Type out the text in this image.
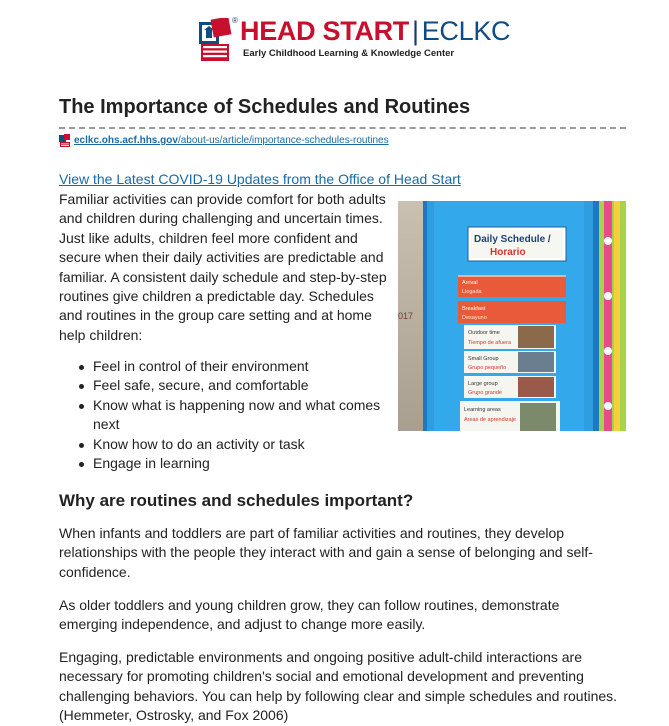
® HEAD START | ECLKC
Early Childhood Learning & Knowledge Center
The Importance of Schedules and Routines
eclkc.ohs.acf.hhs.gov/about-us/article/importance-schedules-routines
View the Latest COVID-19 Updates from the Office of Head Start

Familiar activities can provide comfort for both adults and children during challenging and uncertain times. Just like adults, children feel more confident and secure when their daily activities are predictable and familiar. A consistent daily schedule and step-by-step routines give children a predictable day. Schedules and routines in the group care setting and at home help children:

017
Daily Schedule /
Horario
Arrival
Llegada
Breakfast
Desayuno
Outdoor time
Tiempo de afuera
Small Group
Grupo pequeño
Large group
Grupo grande
Learning areas
Areas de aprendizaje
Feel in control of their environment
Feel safe, secure, and comfortable
Know what is happening now and what comes next
Know how to do an activity or task
Engage in learning
Why are routines and schedules important?

When infants and toddlers are part of familiar activities and routines, they develop relationships with the people they interact with and gain a sense of belonging and self-confidence.

As older toddlers and young children grow, they can follow routines, demonstrate emerging independence, and adjust to change more easily.

Engaging, predictable environments and ongoing positive adult-child interactions are necessary for promoting children's social and emotional development and preventing challenging behaviors. You can help by following clear and simple schedules and routines. (Hemmeter, Ostrosky, and Fox 2006)
